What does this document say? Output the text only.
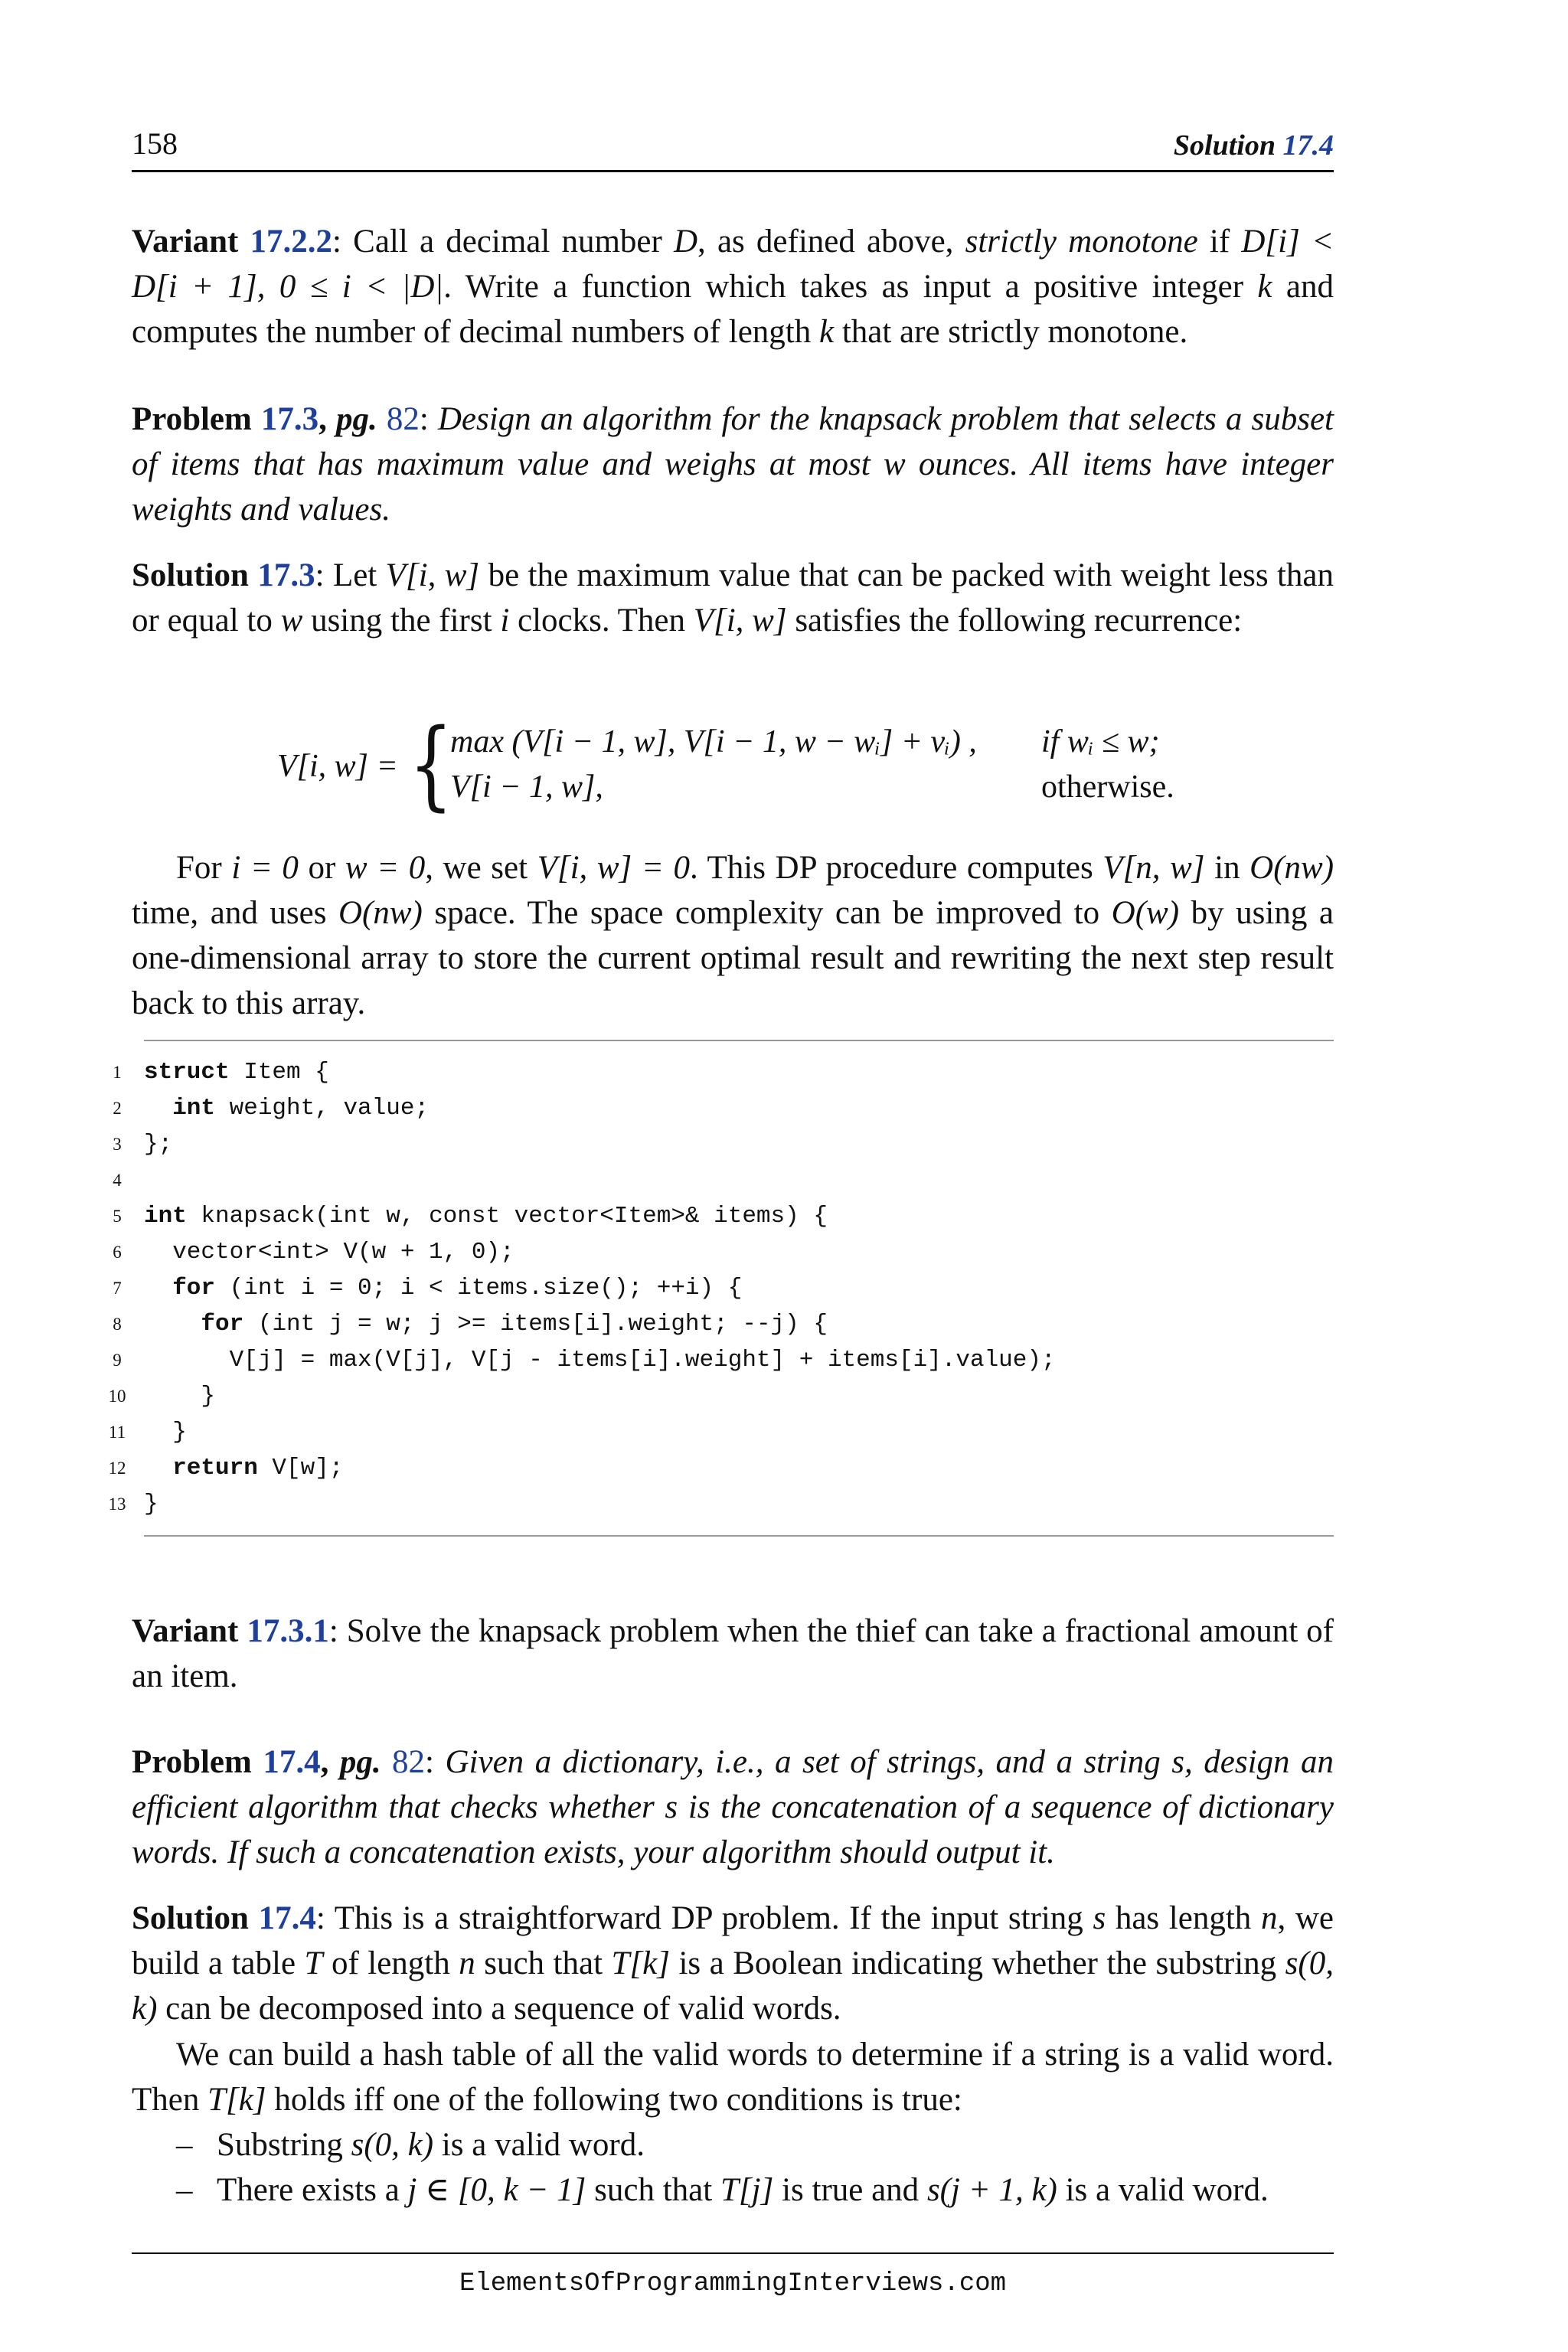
158	Solution 17.4

Variant 17.2.2: Call a decimal number D, as defined above, strictly monotone if D[i] < D[i + 1], 0 ≤ i < |D|. Write a function which takes as input a positive integer k and computes the number of decimal numbers of length k that are strictly monotone.

Problem 17.3, pg. 82: Design an algorithm for the knapsack problem that selects a subset of items that has maximum value and weighs at most w ounces. All items have integer weights and values.

Solution 17.3: Let V[i, w] be the maximum value that can be packed with weight less than or equal to w using the first i clocks. Then V[i, w] satisfies the following recurrence:

V[i, w] = {
max (V[i − 1, w], V[i − 1, w − wᵢ] + vᵢ) , if wᵢ ≤ w;
V[i − 1, w],	otherwise.

For i = 0 or w = 0, we set V[i, w] = 0. This DP procedure computes V[n, w] in O(nw) time, and uses O(nw) space. The space complexity can be improved to O(w) by using a one-dimensional array to store the current optimal result and rewriting the next step result back to this array.

1 struct Item {
2 int weight, value;
3 };
4
5 int knapsack(int w, const vector<Item>& items) {
6 vector<int> V(w + 1, 0);
7 for (int i = 0; i < items.size(); ++i) {
8 for (int j = w; j >= items[i].weight; --j) {
9 V[j] = max(V[j], V[j - items[i].weight] + items[i].value);
10 }
11 }
12 return V[w];
13 }

Variant 17.3.1: Solve the knapsack problem when the thief can take a fractional amount of an item.

Problem 17.4, pg. 82: Given a dictionary, i.e., a set of strings, and a string s, design an efficient algorithm that checks whether s is the concatenation of a sequence of dictionary words. If such a concatenation exists, your algorithm should output it.

Solution 17.4: This is a straightforward DP problem. If the input string s has length n, we build a table T of length n such that T[k] is a Boolean indicating whether the substring s(0, k) can be decomposed into a sequence of valid words.

We can build a hash table of all the valid words to determine if a string is a valid word. Then T[k] holds iff one of the following two conditions is true:

– Substring s(0, k) is a valid word.
– There exists a j ∈ [0, k − 1] such that T[j] is true and s(j + 1, k) is a valid word.
ElementsOfProgrammingInterviews.com
